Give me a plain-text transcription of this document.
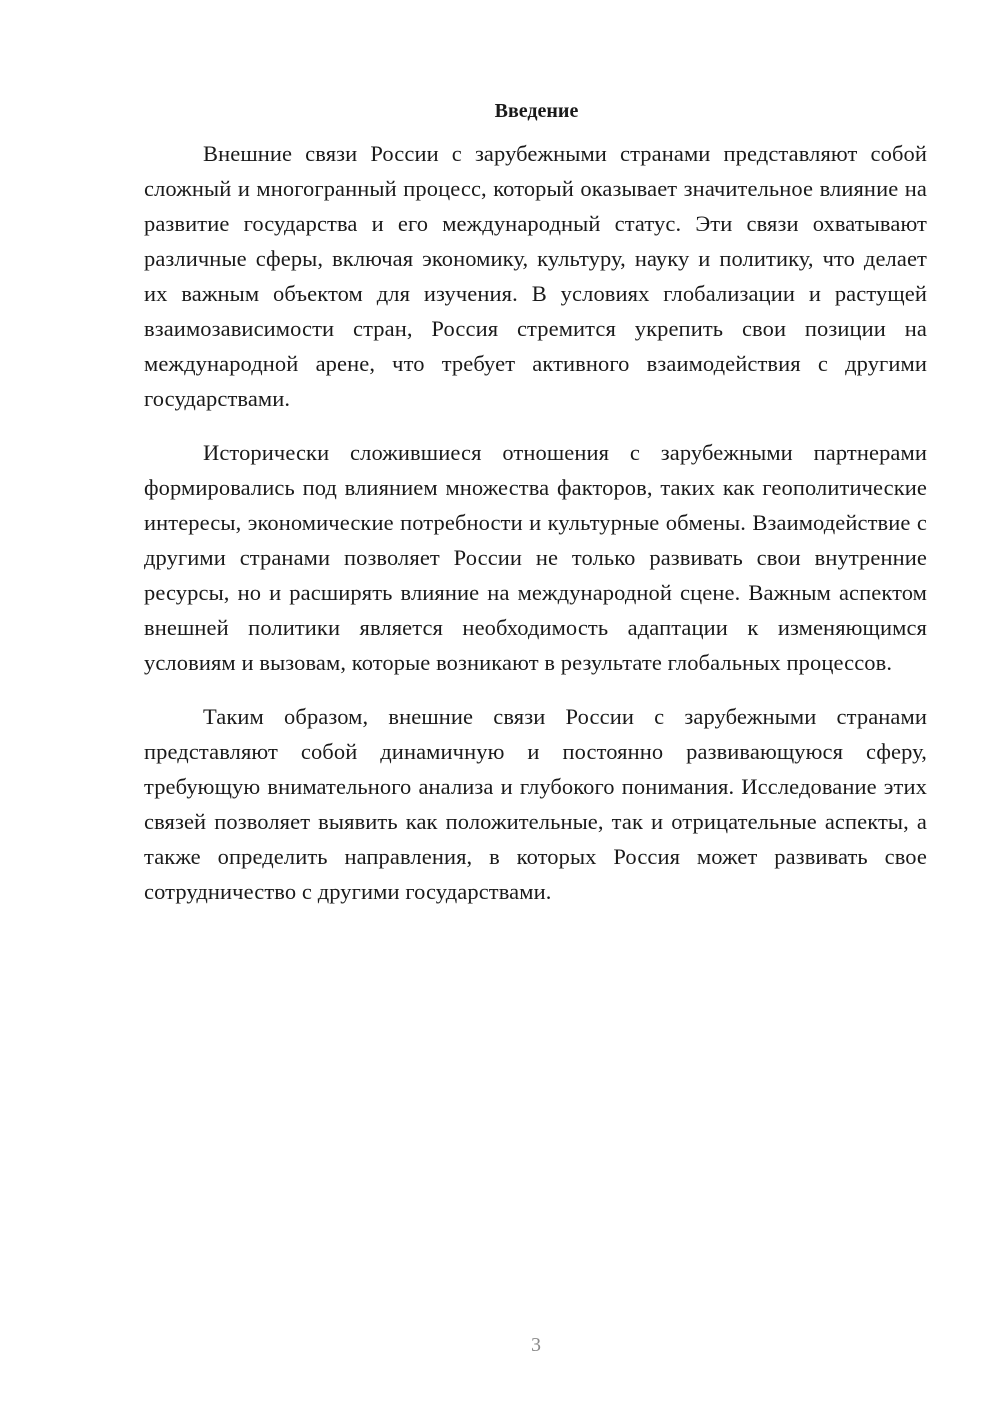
Введение

Внешние связи России с зарубежными странами представляют собой сложный и многогранный процесс, который оказывает значительное влияние на развитие государства и его международный статус. Эти связи охватывают различные сферы, включая экономику, культуру, науку и политику, что делает их важным объектом для изучения. В условиях глобализации и растущей взаимозависимости стран, Россия стремится укрепить свои позиции на международной арене, что требует активного взаимодействия с другими государствами.

Исторически сложившиеся отношения с зарубежными партнерами формировались под влиянием множества факторов, таких как геополитические интересы, экономические потребности и культурные обмены. Взаимодействие с другими странами позволяет России не только развивать свои внутренние ресурсы, но и расширять влияние на международной сцене. Важным аспектом внешней политики является необходимость адаптации к изменяющимся условиям и вызовам, которые возникают в результате глобальных процессов.

Таким образом, внешние связи России с зарубежными странами представляют собой динамичную и постоянно развивающуюся сферу, требующую внимательного анализа и глубокого понимания. Исследование этих связей позволяет выявить как положительные, так и отрицательные аспекты, а также определить направления, в которых Россия может развивать свое сотрудничество с другими государствами.

3
